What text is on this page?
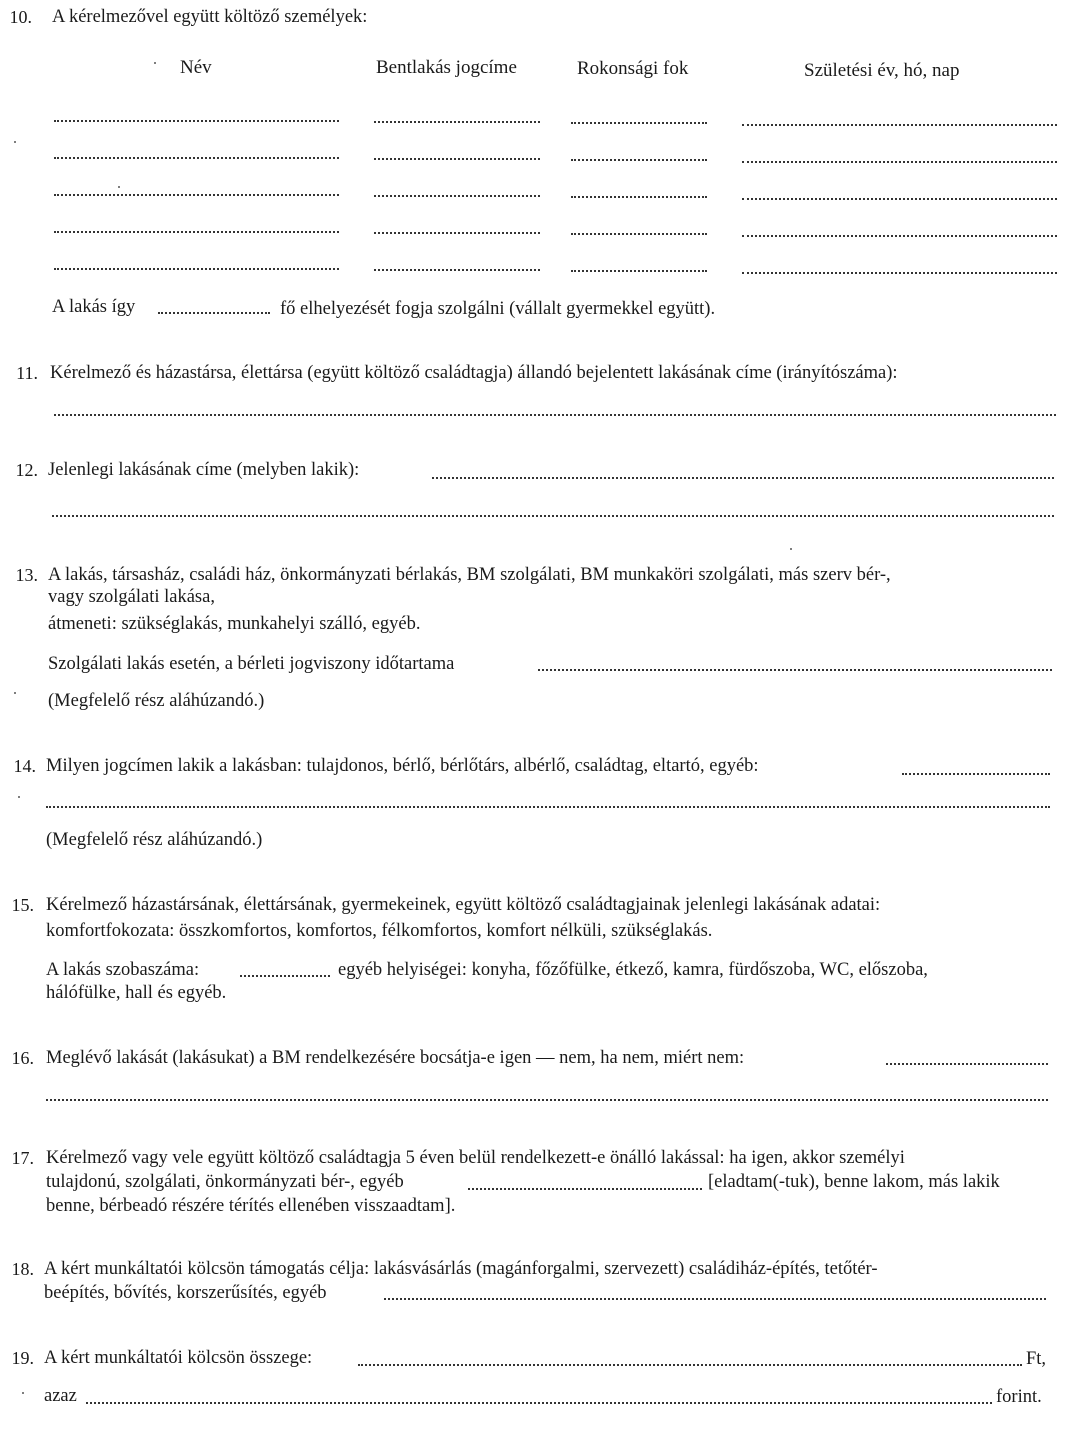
10. A kérelmezővel együtt költöző személyek:
Név	Bentlakás jogcíme	Rokonsági fok	Születési év, hó, nap
A lakás így	fő elhelyezését fogja szolgálni (vállalt gyermekkel együtt).
11. Kérelmező és házastársa, élettársa (együtt költöző családtagja) állandó bejelentett lakásának címe (irányítószáma):
12. Jelenlegi lakásának címe (melyben lakik):
13. A lakás, társasház, családi ház, önkormányzati bérlakás, BM szolgálati, BM munkaköri szolgálati, más szerv bér-,
vagy szolgálati lakása,
átmeneti: szükséglakás, munkahelyi szálló, egyéb.
Szolgálati lakás esetén, a bérleti jogviszony időtartama
(Megfelelő rész aláhúzandó.)
14. Milyen jogcímen lakik a lakásban: tulajdonos, bérlő, bérlőtárs, albérlő, családtag, eltartó, egyéb:
(Megfelelő rész aláhúzandó.)
15. Kérelmező házastársának, élettársának, gyermekeinek, együtt költöző családtagjainak jelenlegi lakásának adatai:
komfortfokozata: összkomfortos, komfortos, félkomfortos, komfort nélküli, szükséglakás.
A lakás szobaszáma:	egyéb helyiségei: konyha, főzőfülke, étkező, kamra, fürdőszoba, WC, előszoba,
hálófülke, hall és egyéb.
16. Meglévő lakását (lakásukat) a BM rendelkezésére bocsátja-e igen — nem, ha nem, miért nem:
17. Kérelmező vagy vele együtt költöző családtagja 5 éven belül rendelkezett-e önálló lakással: ha igen, akkor személyi
tulajdonú, szolgálati, önkormányzati bér-, egyéb	[eladtam(-tuk), benne lakom, más lakik
benne, bérbeadó részére térítés ellenében visszaadtam].
18. A kért munkáltatói kölcsön támogatás célja: lakásvásárlás (magánforgalmi, szervezett) családiház-építés, tetőtér-
beépítés, bővítés, korszerűsítés, egyéb
19. A kért munkáltatói kölcsön összege:	Ft,
azaz	forint.
